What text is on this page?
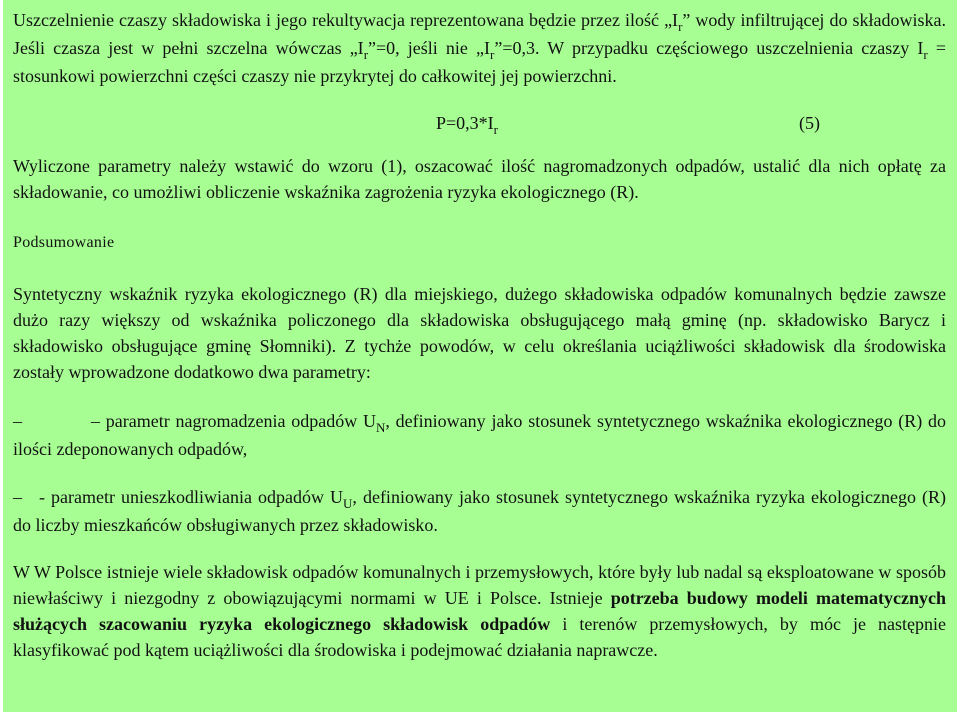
Uszczelnienie czaszy składowiska i jego rekultywacja reprezentowana będzie przez ilość $„I_r$” wody infiltrującej do składowiska. Jeśli czasza jest w pełni szczelna wówczas $„I_r”=0$, jeśli nie $„I_r”=0,3$. W przypadku częściowego uszczelnienia czaszy $I_r$ = stosunkowi powierzchni części czaszy nie przykrytej do całkowitej jej powierzchni.

$P=0,3*I_r$	(5)

Wyliczone parametry należy wstawić do wzoru (1), oszacować ilość nagromadzonych odpadów, ustalić dla nich opłatę za składowanie, co umożliwi obliczenie wskaźnika zagrożenia ryzyka ekologicznego (R).

Podsumowanie

Syntetyczny wskaźnik ryzyka ekologicznego (R) dla miejskiego, dużego składowiska odpadów komunalnych będzie zawsze dużo razy większy od wskaźnika policzonego dla składowiska obsługującego małą gminę (np. składowisko Barycz i składowisko obsługujące gminę Słomniki). Z tychże powodów, w celu określania uciążliwości składowisk dla środowiska zostały wprowadzone dodatkowo dwa parametry:

–	– parametr nagromadzenia odpadów $U_N$, definiowany jako stosunek syntetycznego wskaźnika ekologicznego (R) do ilości zdeponowanych odpadów,

– - parametr unieszkodliwiania odpadów $U_U$, definiowany jako stosunek syntetycznego wskaźnika ryzyka ekologicznego (R) do liczby mieszkańców obsługiwanych przez składowisko.

W W Polsce istnieje wiele składowisk odpadów komunalnych i przemysłowych, które były lub nadal są eksploatowane w sposób niewłaściwy i niezgodny z obowiązującymi normami w UE i Polsce. Istnieje potrzeba budowy modeli matematycznych służących szacowaniu ryzyka ekologicznego składowisk odpadów i terenów przemysłowych, by móc je następnie klasyfikować pod kątem uciążliwości dla środowiska i podejmować działania naprawcze.
